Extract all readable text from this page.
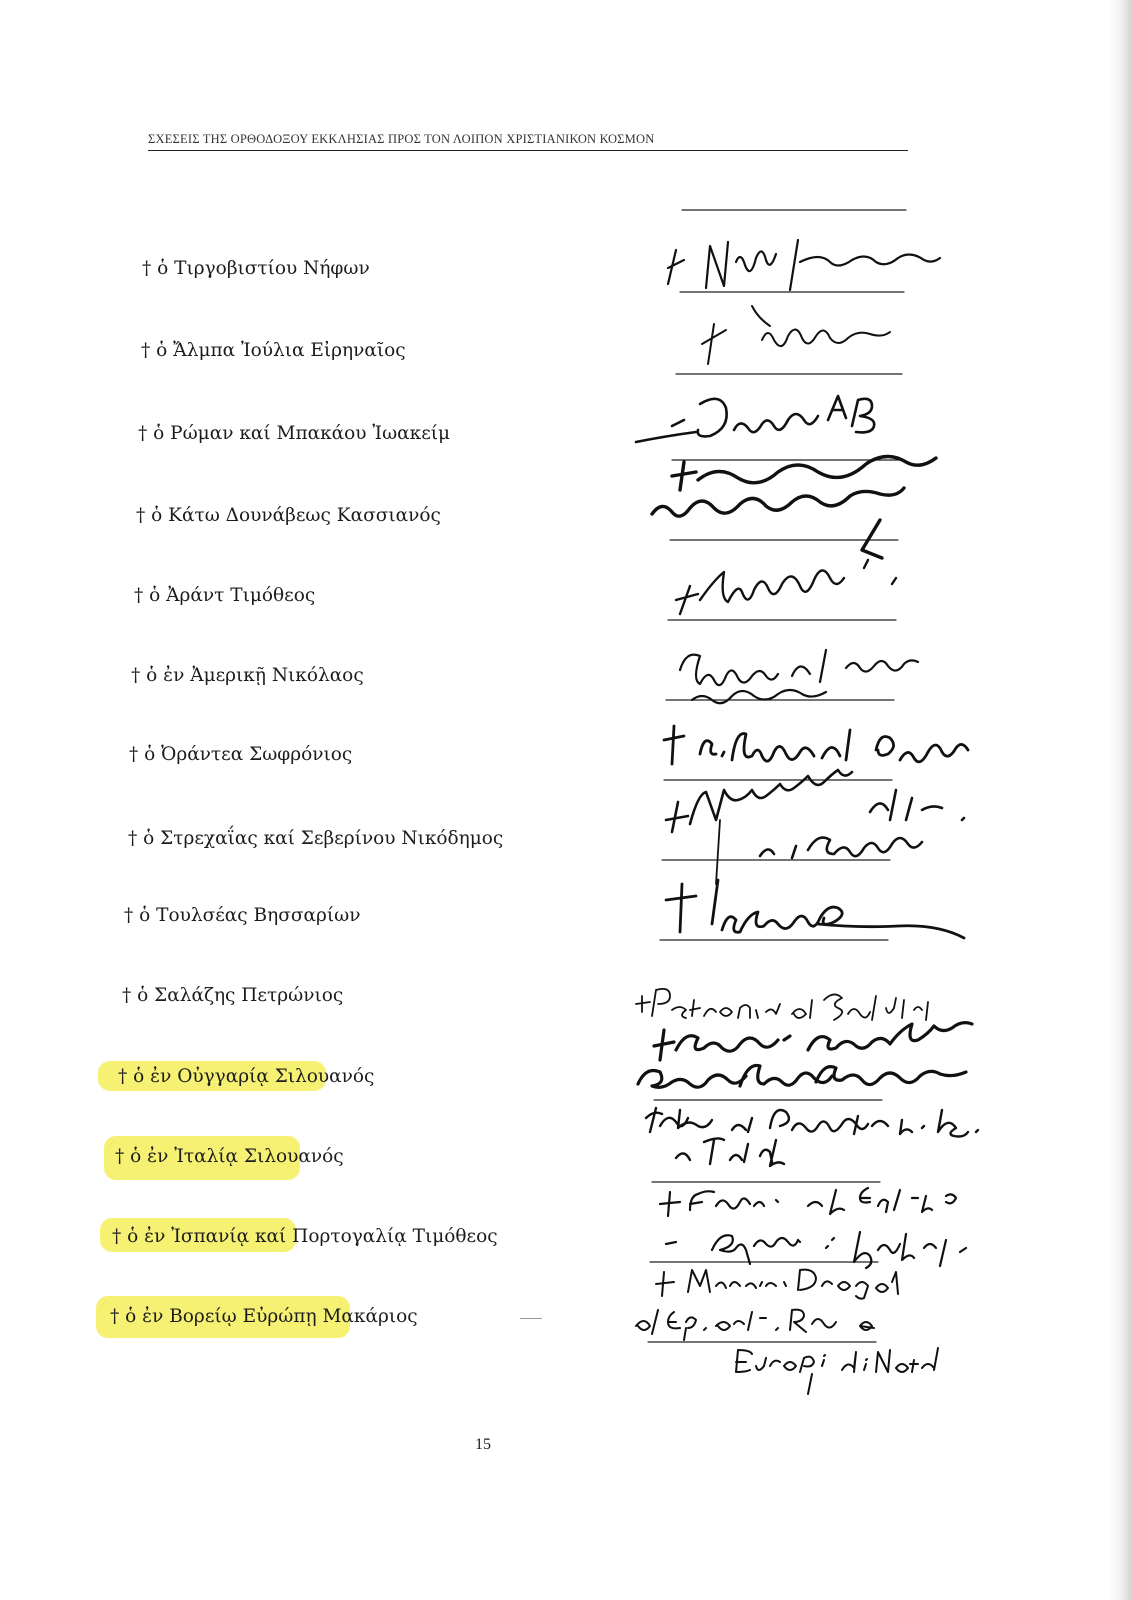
ΣΧΕΣΕΙΣ ΤΗΣ ΟΡΘΟΔΟΞΟΥ ΕΚΚΛΗΣΙΑΣ ΠΡΟΣ ΤΟΝ ΛΟΙΠΟΝ ΧΡΙΣΤΙΑΝΙΚΟΝ ΚΟΣΜΟΝ
† ὁ Τιργοβιστίου Νήφων
† ὁ Ἄλμπα Ἰούλια Εἰρηναῖος
† ὁ Ρώμαν καί Μπακάου Ἰωακείμ
† ὁ Κάτω Δουνάβεως Κασσιανός
† ὁ Ἀράντ Τιμόθεος
† ὁ ἐν Ἀμερικῇ Νικόλαος
† ὁ Ὀράντεα Σωφρόνιος
† ὁ Στρεχαΐας καί Σεβερίνου Νικόδημος
† ὁ Τουλσέας Βησσαρίων
† ὁ Σαλάζης Πετρώνιος
† ὁ ἐν Οὐγγαρίᾳ Σιλουανός
† ὁ ἐν Ἰταλίᾳ Σιλουανός
† ὁ ἐν Ἰσπανίᾳ καί Πορτογαλίᾳ Τιμόθεος
† ὁ ἐν Βορείῳ Εὐρώπῃ Μακάριος
15
